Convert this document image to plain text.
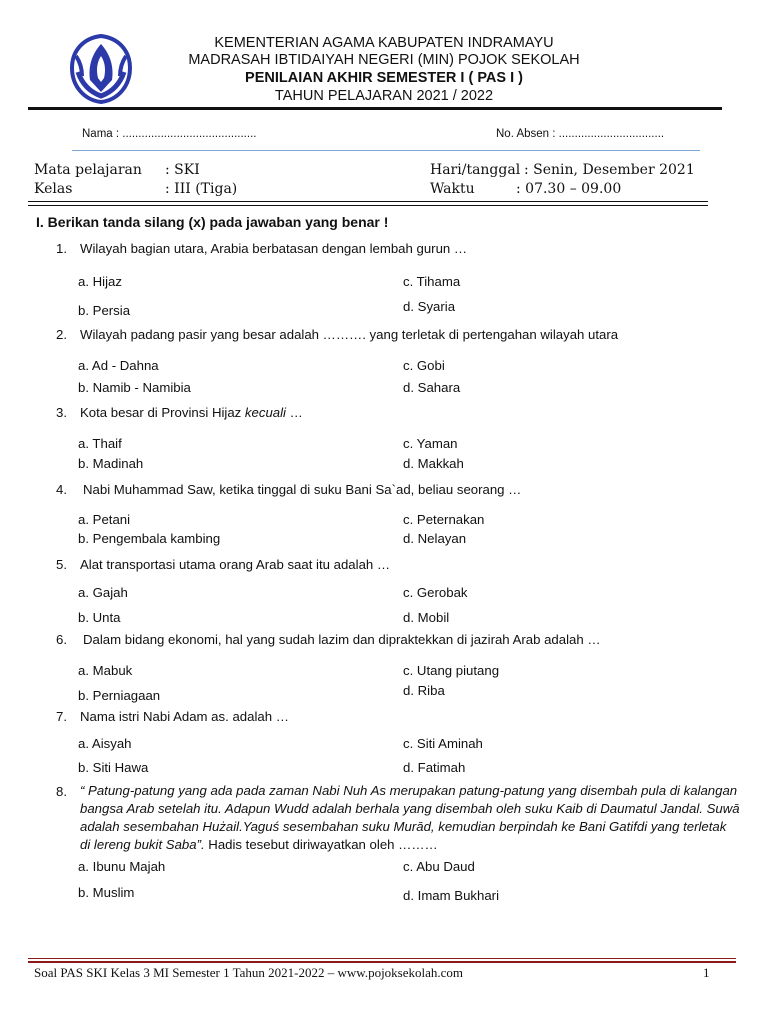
KEMENTERIAN AGAMA KABUPATEN INDRAMAYU
MADRASAH IBTIDAIYAH NEGERI (MIN) POJOK SEKOLAH
PENILAIAN AKHIR SEMESTER I ( PAS I )
TAHUN PELAJARAN 2021 / 2022
Nama : ..........................................	No. Absen : .................................
Mata pelajaran : SKI	Hari/tanggal : Senin, Desember 2021
Kelas	: III (Tiga)	Waktu	: 07.30 – 09.00
I. Berikan tanda silang (x) pada jawaban yang benar !
1. Wilayah bagian utara, Arabia berbatasan dengan lembah gurun …
a. Hijaz
b. Persia
c. Tihama
d. Syaria
2. Wilayah padang pasir yang besar adalah ………. yang terletak di pertengahan wilayah utara
a. Ad - Dahna
b. Namib - Namibia
c. Gobi
d. Sahara
3. Kota besar di Provinsi Hijaz kecuali …
a. Thaif
b. Madinah
c. Yaman
d. Makkah
4. Nabi Muhammad Saw, ketika tinggal di suku Bani Sa`ad, beliau seorang …
a. Petani
b. Pengembala kambing
c. Peternakan
d. Nelayan
5. Alat transportasi utama orang Arab saat itu adalah …
a. Gajah
b. Unta
c. Gerobak
d. Mobil
6. Dalam bidang ekonomi, hal yang sudah lazim dan dipraktekkan di jazirah Arab adalah …
a. Mabuk
b. Perniagaan
c. Utang piutang
d. Riba
7. Nama istri Nabi Adam as. adalah …
a. Aisyah
b. Siti Hawa
c. Siti Aminah
d. Fatimah
8. “ Patung-patung yang ada pada zaman Nabi Nuh As merupakan patung-patung yang disembah pula di kalangan bangsa Arab setelah itu. Adapun Wudd adalah berhala yang disembah oleh suku Kaib di Daumatul Jandal. Suwā adalah sesembahan Hużail.Yaguś sesembahan suku Murād, kemudian berpindah ke Bani Gatifdi yang terletak di lereng bukit Saba”. Hadis tesebut diriwayatkan oleh ………
a. Ibunu Majah
b. Muslim
c. Abu Daud
d. Imam Bukhari
Soal PAS SKI Kelas 3 MI Semester 1 Tahun 2021-2022 – www.pojoksekolah.com	1
